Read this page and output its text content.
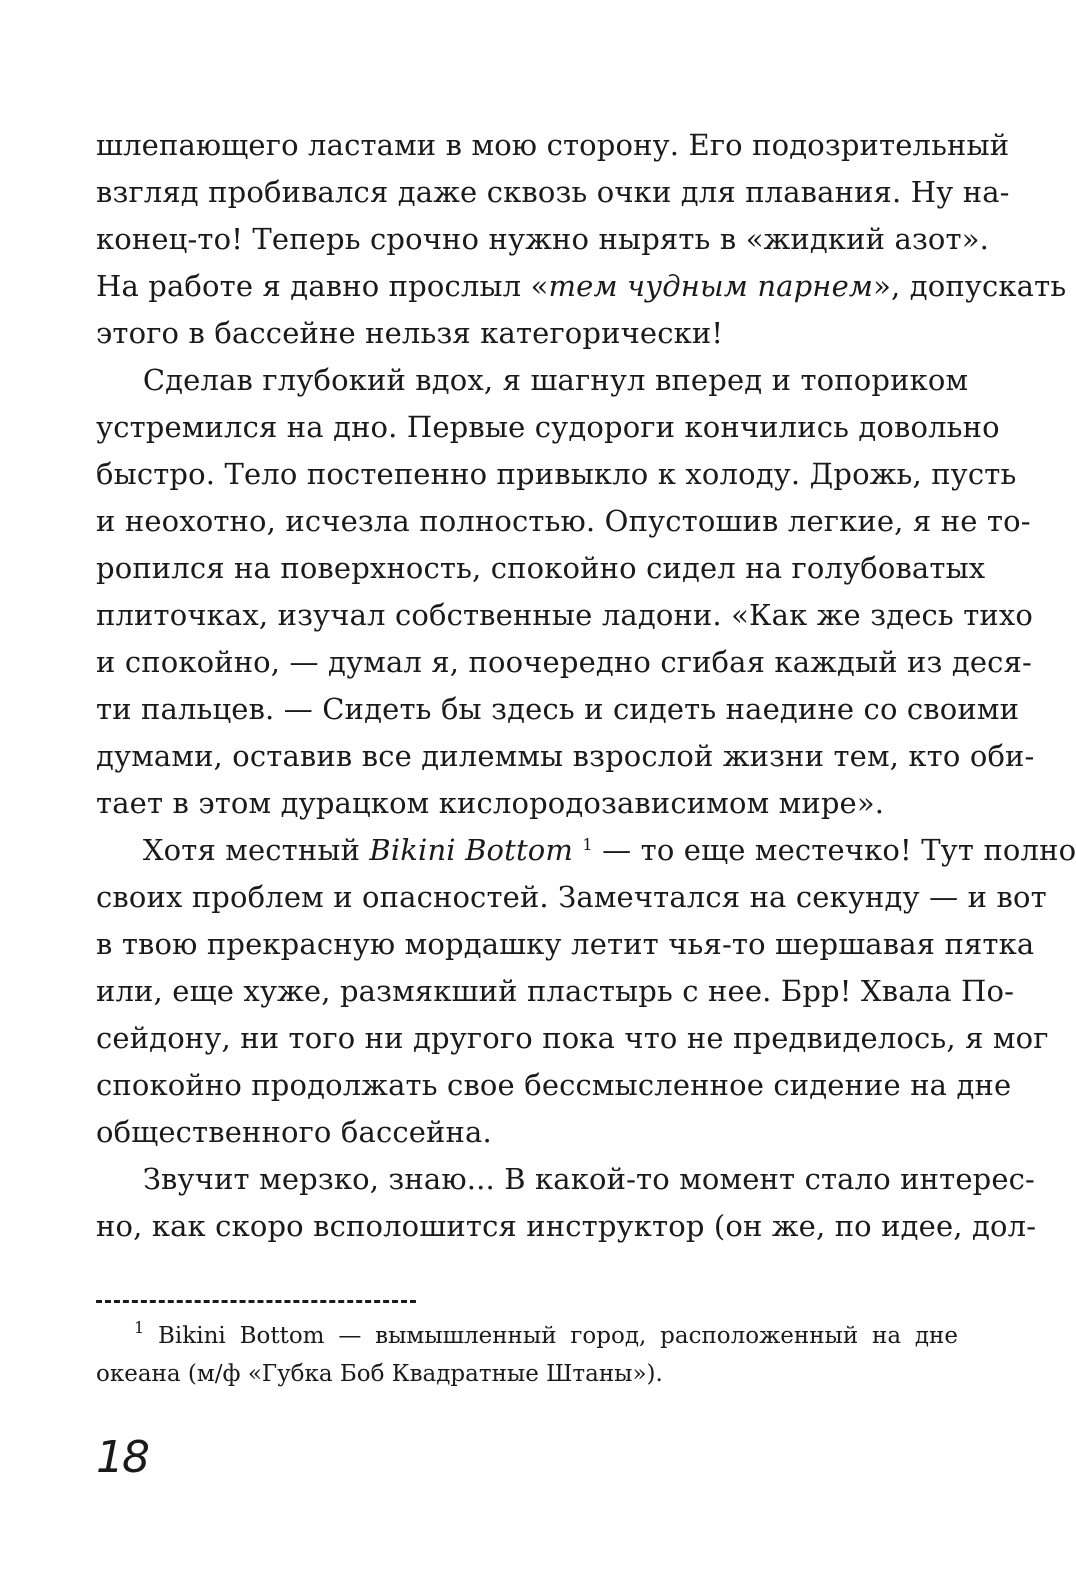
шлепающего ластами в мою сторону. Его подозрительный
взгляд пробивался даже сквозь очки для плавания. Ну на-
конец-то! Теперь срочно нужно нырять в «жидкий азот».
На работе я давно прослыл «тем чудным парнем», допускать
этого в бассейне нельзя категорически!
Сделав глубокий вдох, я шагнул вперед и топориком
устремился на дно. Первые судороги кончились довольно
быстро. Тело постепенно привыкло к холоду. Дрожь, пусть
и неохотно, исчезла полностью. Опустошив легкие, я не то-
ропился на поверхность, спокойно сидел на голубоватых
плиточках, изучал собственные ладони. «Как же здесь тихо
и спокойно, — думал я, поочередно сгибая каждый из деся-
ти пальцев. — Сидеть бы здесь и сидеть наедине со своими
думами, оставив все дилеммы взрослой жизни тем, кто оби-
тает в этом дурацком кислородозависимом мире».
Хотя местный Bikini Bottom $^1$ — то еще местечко! Тут полно
своих проблем и опасностей. Замечтался на секунду — и вот
в твою прекрасную мордашку летит чья-то шершавая пятка
или, еще хуже, размякший пластырь с нее. Брр! Хвала По-
сейдону, ни того ни другого пока что не предвиделось, я мог
спокойно продолжать свое бессмысленное сидение на дне
общественного бассейна.
Звучит мерзко, знаю... В какой-то момент стало интерес-
но, как скоро всполошится инструктор (он же, по идее, дол-
$^1$ Bikini Bottom — вымышленный город, расположенный на дне
океана (м/ф «Губка Боб Квадратные Штаны»).
18
